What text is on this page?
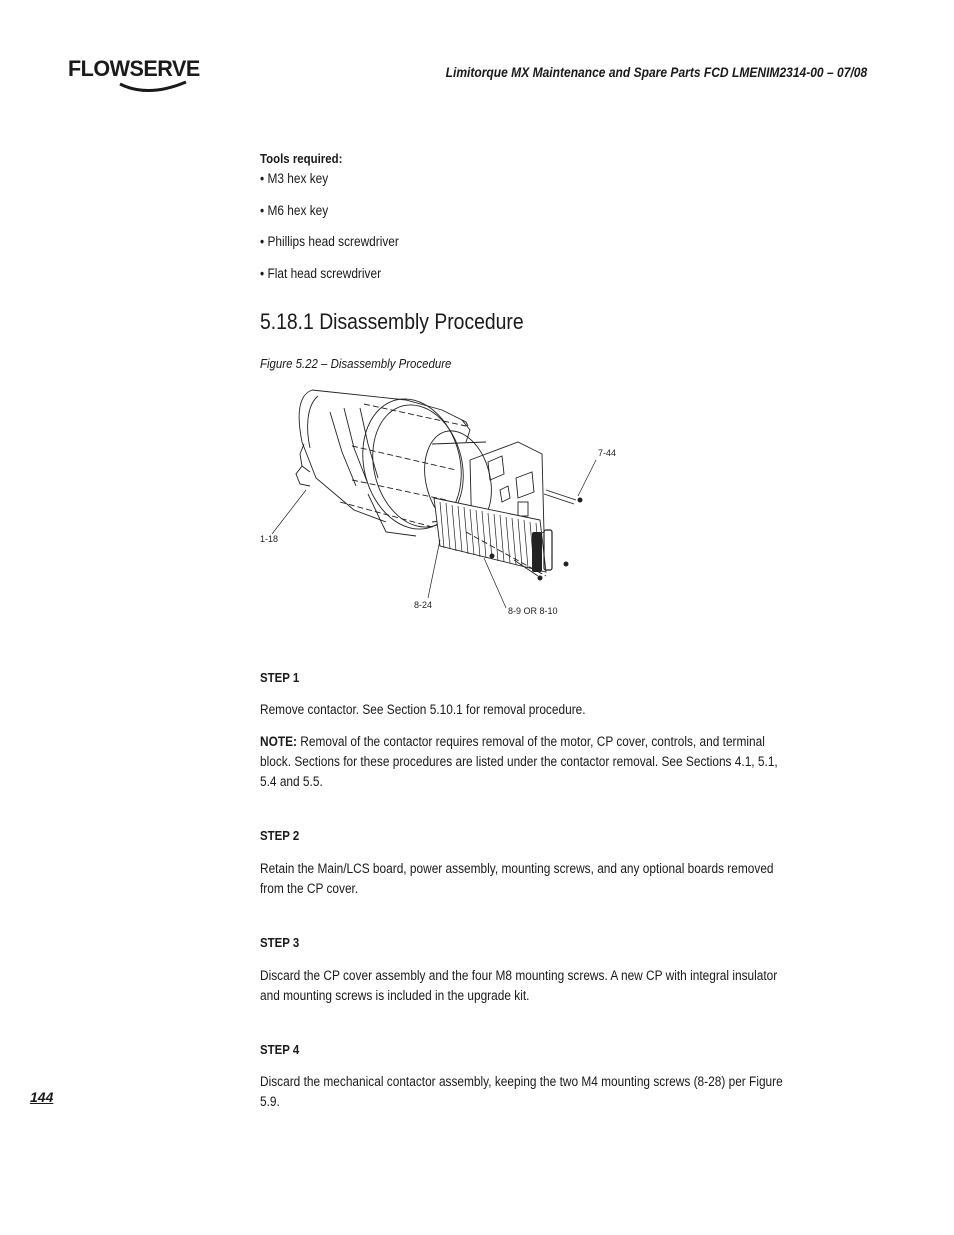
FLOWSERVE	Limitorque MX Maintenance and Spare Parts FCD LMENIM2314-00 – 07/08
Tools required:
• M3 hex key
• M6 hex key
• Phillips head screwdriver
• Flat head screwdriver
5.18.1 Disassembly Procedure
Figure 5.22 – Disassembly Procedure
7-44
1-18
8-24
8-9 OR 8-10
STEP 1
Remove contactor. See Section 5.10.1 for removal procedure.
NOTE: Removal of the contactor requires removal of the motor, CP cover, controls, and terminal block. Sections for these procedures are listed under the contactor removal. See Sections 4.1, 5.1, 5.4 and 5.5.
STEP 2
Retain the Main/LCS board, power assembly, mounting screws, and any optional boards removed from the CP cover.
STEP 3
Discard the CP cover assembly and the four M8 mounting screws. A new CP with integral insulator and mounting screws is included in the upgrade kit.
STEP 4
Discard the mechanical contactor assembly, keeping the two M4 mounting screws (8-28) per Figure 5.9.
144
